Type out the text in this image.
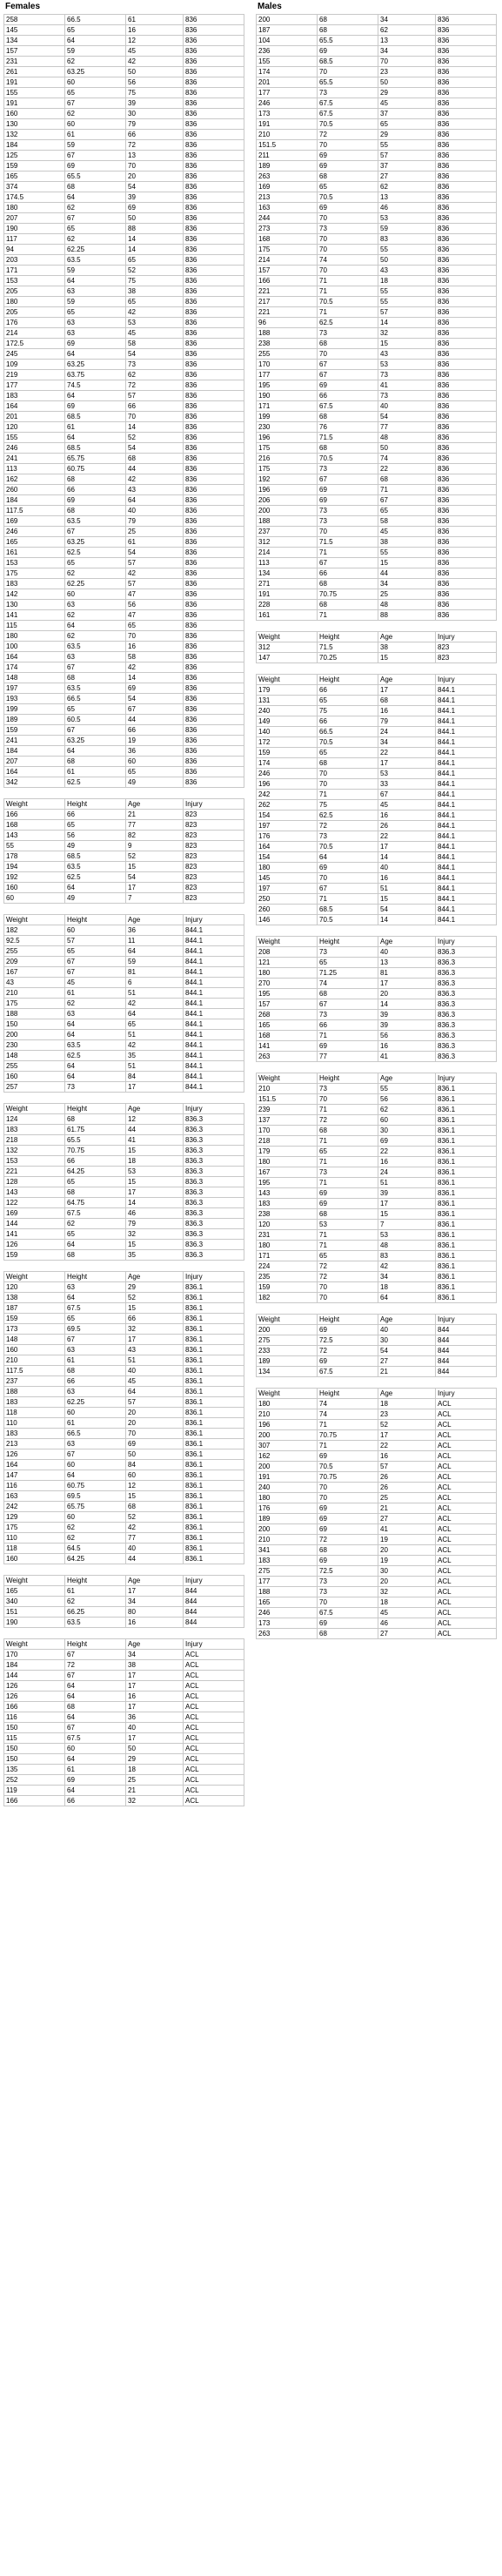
Females
258	66.5	61	836
145	65	16	836
134	64	12	836
157	59	45	836
231	62	42	836
261	63.25	50	836
191	60	56	836
155	65	75	836
191	67	39	836
160	62	30	836
130	60	79	836
132	61	66	836
184	59	72	836
125	67	13	836
159	69	70	836
165	65.5	20	836
374	68	54	836
174.5	64	39	836
180	62	69	836
207	67	50	836
190	65	88	836
117	62	14	836
94	62.25	14	836
203	63.5	65	836
171	59	52	836
153	64	75	836
205	63	38	836
180	59	65	836
205	65	42	836
176	63	53	836
214	63	45	836
172.5	69	58	836
245	64	54	836
109	63.25	73	836
219	63.75	62	836
177	74.5	72	836
183	64	57	836
164	69	66	836
201	68.5	70	836
120	61	14	836
155	64	52	836
246	68.5	54	836
241	65.75	68	836
113	60.75	44	836
162	68	42	836
260	66	43	836
184	69	64	836
117.5	68	40	836
169	63.5	79	836
246	67	25	836
165	63.25	61	836
161	62.5	54	836
153	65	57	836
175	62	42	836
183	62.25	57	836
142	60	47	836
130	63	56	836
141	62	47	836
115	64	65	836
180	62	70	836
100	63.5	16	836
164	63	58	836
174	67	42	836
148	68	14	836
197	63.5	69	836
193	66.5	54	836
199	65	67	836
189	60.5	44	836
159	67	66	836
241	63.25	19	836
184	64	36	836
207	68	60	836
164	61	65	836
342	62.5	49	836
Weight	Height	Age	Injury
166	66	21	823
168	65	77	823
143	56	82	823
55	49	9	823
178	68.5	52	823
194	63.5	15	823
192	62.5	54	823
160	64	17	823
60	49	7	823
Weight	Height	Age	Injury
182	60	36	844.1
92.5	57	11	844.1
255	65	64	844.1
209	67	59	844.1
167	67	81	844.1
43	45	6	844.1
210	61	51	844.1
175	62	42	844.1
188	63	64	844.1
150	64	65	844.1
200	64	51	844.1
230	63.5	42	844.1
148	62.5	35	844.1
255	64	51	844.1
160	64	84	844.1
257	73	17	844.1
Weight	Height	Age	Injury
124	68	12	836.3
183	61.75	44	836.3
218	65.5	41	836.3
132	70.75	15	836.3
153	66	18	836.3
221	64.25	53	836.3
128	65	15	836.3
143	68	17	836.3
122	64.75	14	836.3
169	67.5	46	836.3
144	62	79	836.3
141	65	32	836.3
126	64	15	836.3
159	68	35	836.3
Weight	Height	Age	Injury
120	63	29	836.1
138	64	52	836.1
187	67.5	15	836.1
159	65	66	836.1
173	69.5	32	836.1
148	67	17	836.1
160	63	43	836.1
210	61	51	836.1
117.5	68	40	836.1
237	66	45	836.1
188	63	64	836.1
183	62.25	57	836.1
118	60	20	836.1
110	61	20	836.1
183	66.5	70	836.1
213	63	69	836.1
126	67	50	836.1
164	60	84	836.1
147	64	60	836.1
116	60.75	12	836.1
163	69.5	15	836.1
242	65.75	68	836.1
129	60	52	836.1
175	62	42	836.1
110	62	77	836.1
118	64.5	40	836.1
160	64.25	44	836.1
Weight	Height	Age	Injury
165	61	17	844
340	62	34	844
151	66.25	80	844
190	63.5	16	844
Weight	Height	Age	Injury
170	67	34	ACL
184	72	38	ACL
144	67	17	ACL
126	64	17	ACL
126	64	16	ACL
166	68	17	ACL
116	64	36	ACL
150	67	40	ACL
115	67.5	17	ACL
150	60	50	ACL
150	64	29	ACL
135	61	18	ACL
252	69	25	ACL
119	64	21	ACL
166	66	32	ACL
Males
200	68	34	836
187	68	62	836
104	65.5	13	836
236	69	34	836
155	68.5	70	836
174	70	23	836
201	65.5	50	836
177	73	29	836
246	67.5	45	836
173	67.5	37	836
191	70.5	65	836
210	72	29	836
151.5	70	55	836
211	69	57	836
189	69	37	836
263	68	27	836
169	65	62	836
213	70.5	13	836
163	69	46	836
244	70	53	836
273	73	59	836
168	70	83	836
175	70	55	836
214	74	50	836
157	70	43	836
166	71	18	836
221	71	55	836
217	70.5	55	836
221	71	57	836
96	62.5	14	836
188	73	32	836
238	68	15	836
255	70	43	836
170	67	53	836
177	67	73	836
195	69	41	836
190	66	73	836
171	67.5	40	836
199	68	54	836
230	76	77	836
196	71.5	48	836
175	68	50	836
216	70.5	74	836
175	73	22	836
192	67	68	836
196	69	71	836
206	69	67	836
200	73	65	836
188	73	58	836
237	70	45	836
312	71.5	38	836
214	71	55	836
113	67	15	836
134	66	44	836
271	68	34	836
191	70.75	25	836
228	68	48	836
161	71	88	836
Weight	Height	Age	Injury
312	71.5	38	823
147	70.25	15	823
Weight	Height	Age	Injury
179	66	17	844.1
131	65	68	844.1
240	75	16	844.1
149	66	79	844.1
140	66.5	24	844.1
172	70.5	34	844.1
159	65	22	844.1
174	68	17	844.1
246	70	53	844.1
196	70	33	844.1
242	71	67	844.1
262	75	45	844.1
154	62.5	16	844.1
197	72	26	844.1
176	73	22	844.1
164	70.5	17	844.1
154	64	14	844.1
180	69	40	844.1
145	70	16	844.1
197	67	51	844.1
250	71	15	844.1
260	68.5	54	844.1
146	70.5	14	844.1
Weight	Height	Age	Injury
208	73	40	836.3
121	65	13	836.3
180	71.25	81	836.3
270	74	17	836.3
195	68	20	836.3
157	67	14	836.3
268	73	39	836.3
165	66	39	836.3
168	71	56	836.3
141	69	16	836.3
263	77	41	836.3
Weight	Height	Age	Injury
210	73	55	836.1
151.5	70	56	836.1
239	71	62	836.1
137	72	60	836.1
170	68	30	836.1
218	71	69	836.1
179	65	22	836.1
180	71	16	836.1
167	73	24	836.1
195	71	51	836.1
143	69	39	836.1
183	69	17	836.1
238	68	15	836.1
120	53	7	836.1
231	71	53	836.1
180	71	48	836.1
171	65	83	836.1
224	72	42	836.1
235	72	34	836.1
159	70	18	836.1
182	70	64	836.1
Weight	Height	Age	Injury
200	69	40	844
275	72.5	30	844
233	72	54	844
189	69	27	844
134	67.5	21	844
Weight	Height	Age	Injury
180	74	18	ACL
210	74	23	ACL
196	71	52	ACL
200	70.75	17	ACL
307	71	22	ACL
162	69	16	ACL
200	70.5	57	ACL
191	70.75	26	ACL
240	70	26	ACL
180	70	25	ACL
176	69	21	ACL
189	69	27	ACL
200	69	41	ACL
210	72	19	ACL
341	68	20	ACL
183	69	19	ACL
275	72.5	30	ACL
177	73	20	ACL
188	73	32	ACL
165	70	18	ACL
246	67.5	45	ACL
173	69	46	ACL
263	68	27	ACL
